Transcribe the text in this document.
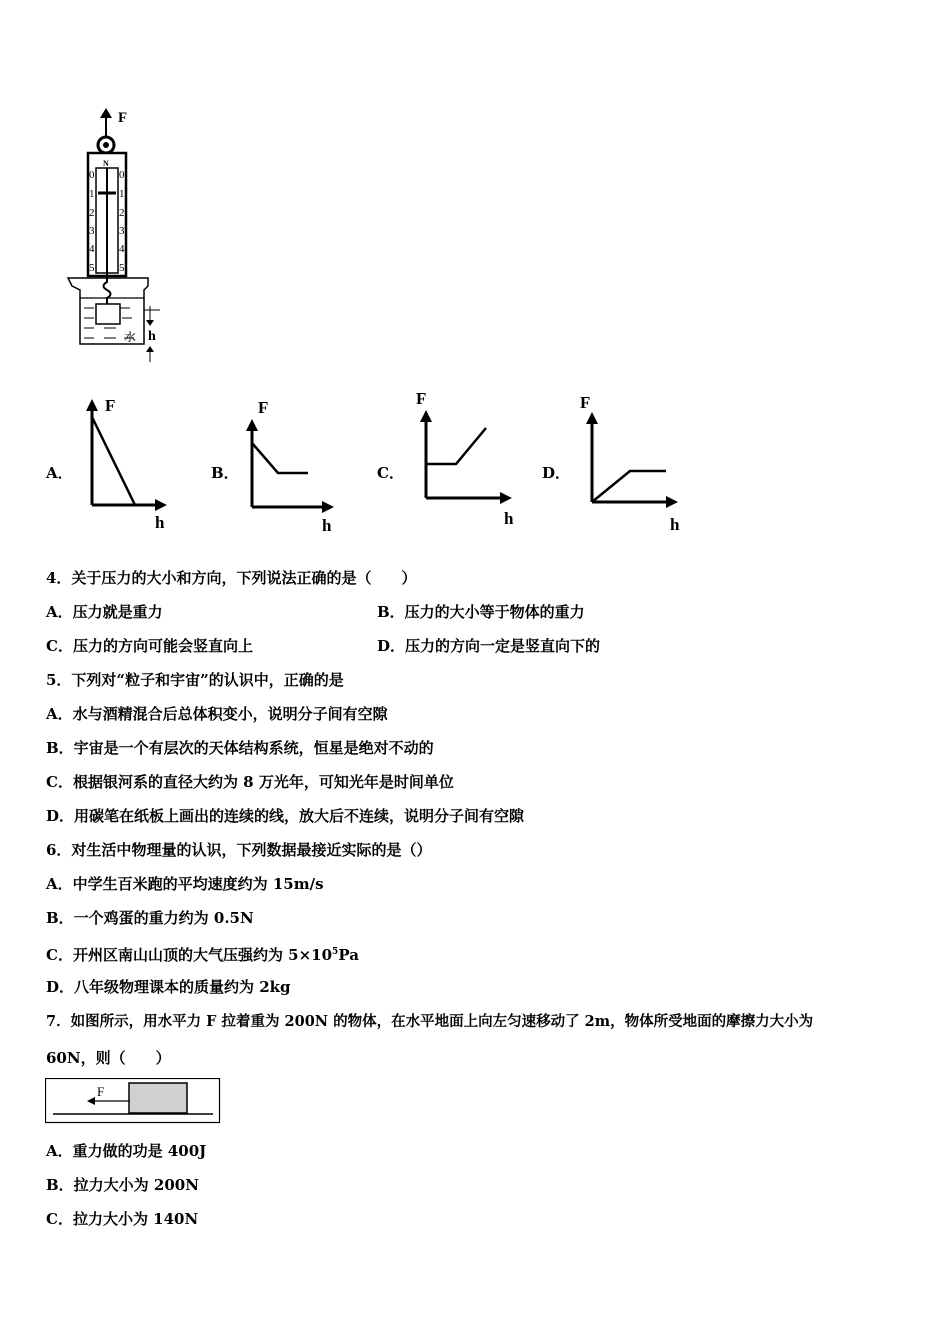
F
N
0
1
2
3
4
5
0
1
2
3
4
5
水 h
A．
F
h
B．
F
h
C．
F
h
D．
F
h
4．关于压力的大小和方向，下列说法正确的是（　　）
A．压力就是重力	B．压力的大小等于物体的重力
C．压力的方向可能会竖直向上	D．压力的方向一定是竖直向下的
5．下列对“粒子和宇宙”的认识中，正确的是
A．水与酒精混合后总体积变小，说明分子间有空隙
B．宇宙是一个有层次的天体结构系统，恒星是绝对不动的
C．根据银河系的直径大约为 8 万光年，可知光年是时间单位
D．用碳笔在纸板上画出的连续的线，放大后不连续，说明分子间有空隙
6．对生活中物理量的认识，下列数据最接近实际的是（）
A．中学生百米跑的平均速度约为 15m/s
B．一个鸡蛋的重力约为 0.5N
C．开州区南山山顶的大气压强约为 $5\times 10^5Pa$
D．八年级物理课本的质量约为 2kg
7．如图所示，用水平力 F 拉着重为 200N 的物体，在水平地面上向左匀速移动了 2m，物体所受地面的摩擦力大小为
60N，则（　　）
F
A．重力做的功是 400J
B．拉力大小为 200N
C．拉力大小为 140N
